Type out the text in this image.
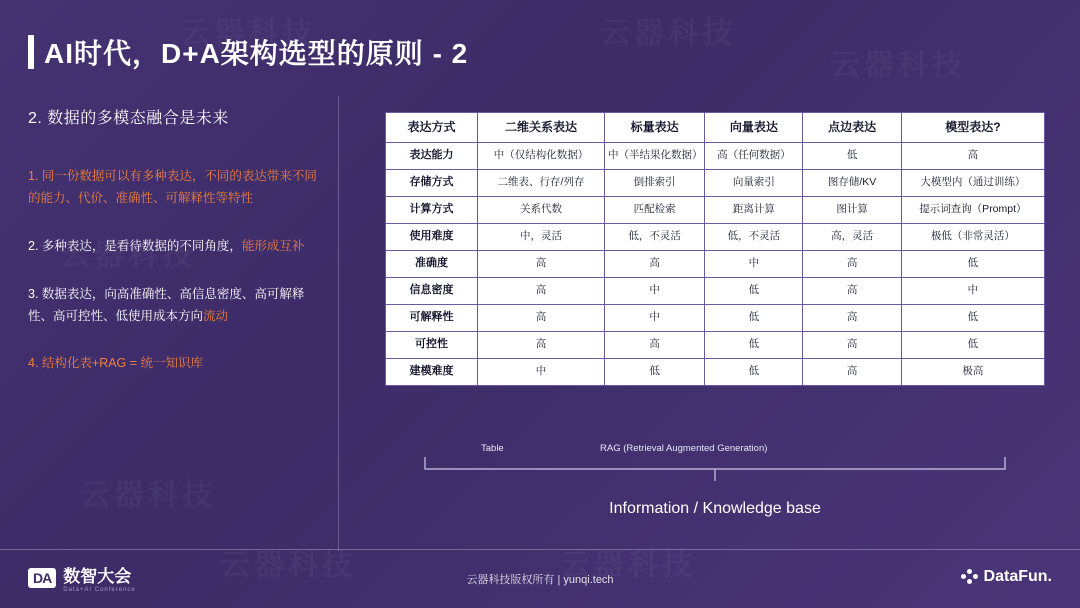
AI时代，D+A架构选型的原则 - 2
2. 数据的多模态融合是未来
1. 同一份数据可以有多种表达，不同的表达带来不同的能力、代价、准确性、可解释性等特性
2. 多种表达，是看待数据的不同角度，能形成互补
3. 数据表达，向高准确性、高信息密度、高可解释性、高可控性、低使用成本方向流动
4. 结构化表+RAG = 统一知识库
表达方式	二维关系表达	标量表达	向量表达	点边表达	模型表达?
表达能力	中（仅结构化数据）	中（半结果化数据）	高（任何数据）	低	高
存储方式	二维表、行存/列存	倒排索引	向量索引	图存储/KV	大模型内（通过训练）
计算方式	关系代数	匹配检索	距离计算	图计算	提示词查询（Prompt）
使用难度	中，灵活	低，不灵活	低，不灵活	高，灵活	极低（非常灵活）
准确度	高	高	中	高	低
信息密度	高	中	低	高	中
可解释性	高	中	低	高	低
可控性	高	高	低	高	低
建模难度	中	低	低	高	极高
Table	RAG (Retrieval Augmented Generation)
Information / Knowledge base
DA 数智大会
Data+AI Conference
云器科技版权所有 | yunqi.tech	DataFun.
